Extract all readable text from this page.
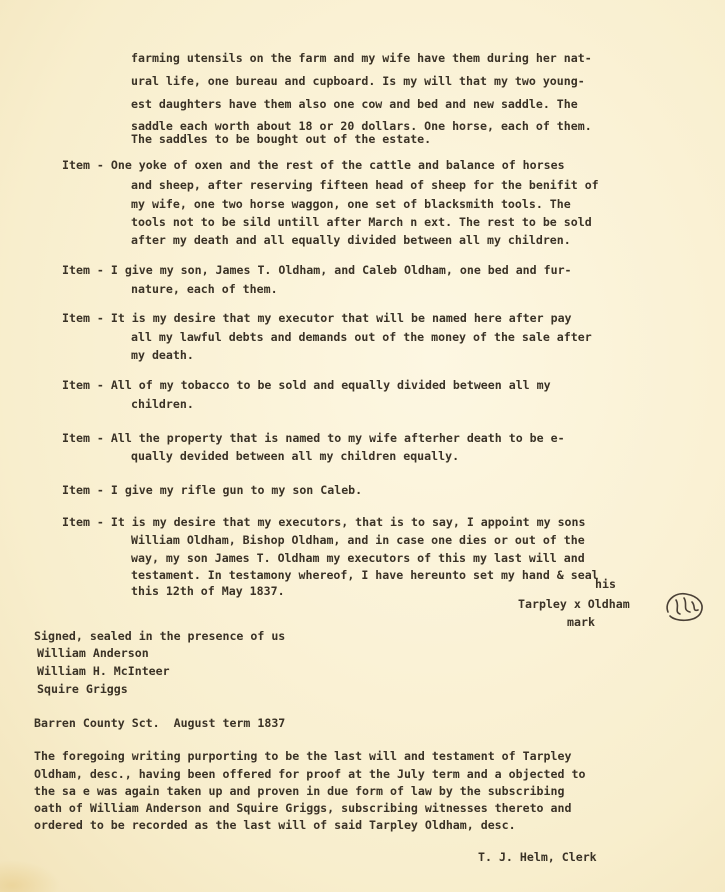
farming utensils on the farm and my wife have them during her nat-
ural life, one bureau and cupboard. Is my will that my two young-
est daughters have them also one cow and bed and new saddle. The
saddle each worth about 18 or 20 dollars. One horse, each of them.
The saddles to be bought out of the estate.
Item - One yoke of oxen and the rest of the cattle and balance of horses
and sheep, after reserving fifteen head of sheep for the benifit of
my wife, one two horse waggon, one set of blacksmith tools. The
tools not to be sild untill after March n ext. The rest to be sold
after my death and all equally divided between all my children.
Item - I give my son, James T. Oldham, and Caleb Oldham, one bed and fur-
nature, each of them.
Item - It is my desire that my executor that will be named here after pay
all my lawful debts and demands out of the money of the sale after
my death.
Item - All of my tobacco to be sold and equally divided between all my
children.
Item - All the property that is named to my wife afterher death to be e-
qually devided between all my children equally.
Item - I give my rifle gun to my son Caleb.
Item - It is my desire that my executors, that is to say, I appoint my sons
William Oldham, Bishop Oldham, and in case one dies or out of the
way, my son James T. Oldham my executors of this my last will and
testament. In testamony whereof, I have hereunto set my hand & seal
this 12th of May 1837.	his
Tarpley x Oldham
mark
Signed, sealed in the presence of us
William Anderson
William H. McInteer
Squire Griggs
Barren County Sct.  August term 1837
The foregoing writing purporting to be the last will and testament of Tarpley
Oldham, desc., having been offered for proof at the July term and a objected to
the sa e was again taken up and proven in due form of law by the subscribing
oath of William Anderson and Squire Griggs, subscribing witnesses thereto and
ordered to be recorded as the last will of said Tarpley Oldham, desc.
T. J. Helm, Clerk
